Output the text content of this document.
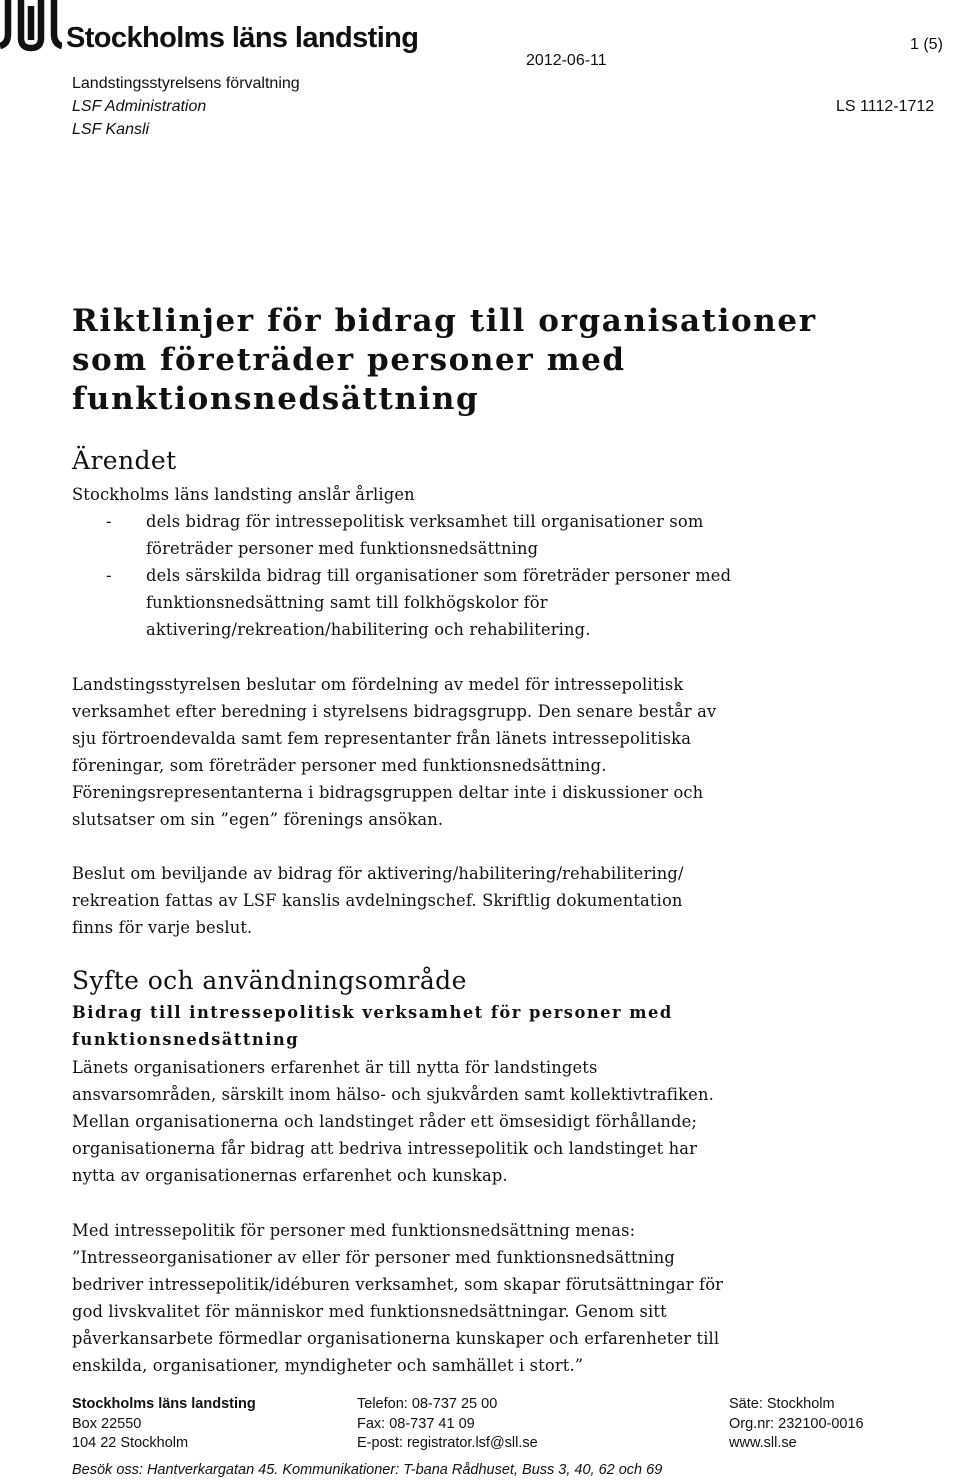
Stockholms läns landsting
2012-06-11
1 (5)
Landstingsstyrelsens förvaltning
LSF Administration
LSF Kansli
LS 1112-1712
Riktlinjer för bidrag till organisationer
som företräder personer med
funktionsnedsättning
Ärendet
Stockholms läns landsting anslår årligen
- dels bidrag för intressepolitisk verksamhet till organisationer som
företräder personer med funktionsnedsättning
- dels särskilda bidrag till organisationer som företräder personer med
funktionsnedsättning samt till folkhögskolor för
aktivering/rekreation/habilitering och rehabilitering.
Landstingsstyrelsen beslutar om fördelning av medel för intressepolitisk
verksamhet efter beredning i styrelsens bidragsgrupp. Den senare består av
sju förtroendevalda samt fem representanter från länets intressepolitiska
föreningar, som företräder personer med funktionsnedsättning.
Föreningsrepresentanterna i bidragsgruppen deltar inte i diskussioner och
slutsatser om sin ”egen” förenings ansökan.
Beslut om beviljande av bidrag för aktivering/habilitering/rehabilitering/
rekreation fattas av LSF kanslis avdelningschef. Skriftlig dokumentation
finns för varje beslut.
Syfte och användningsområde
Bidrag till intressepolitisk verksamhet för personer med
funktionsnedsättning
Länets organisationers erfarenhet är till nytta för landstingets
ansvarsområden, särskilt inom hälso- och sjukvården samt kollektivtrafiken.
Mellan organisationerna och landstinget råder ett ömsesidigt förhållande;
organisationerna får bidrag att bedriva intressepolitik och landstinget har
nytta av organisationernas erfarenhet och kunskap.
Med intressepolitik för personer med funktionsnedsättning menas:
”Intresseorganisationer av eller för personer med funktionsnedsättning
bedriver intressepolitik/idéburen verksamhet, som skapar förutsättningar för
god livskvalitet för människor med funktionsnedsättningar. Genom sitt
påverkansarbete förmedlar organisationerna kunskaper och erfarenheter till
enskilda, organisationer, myndigheter och samhället i stort.”
Stockholms läns landsting
Box 22550
104 22 Stockholm
Telefon: 08-737 25 00
Fax: 08-737 41 09
E-post: registrator.lsf@sll.se
Säte: Stockholm
Org.nr: 232100-0016
www.sll.se
Besök oss: Hantverkargatan 45. Kommunikationer: T-bana Rådhuset, Buss 3, 40, 62 och 69
